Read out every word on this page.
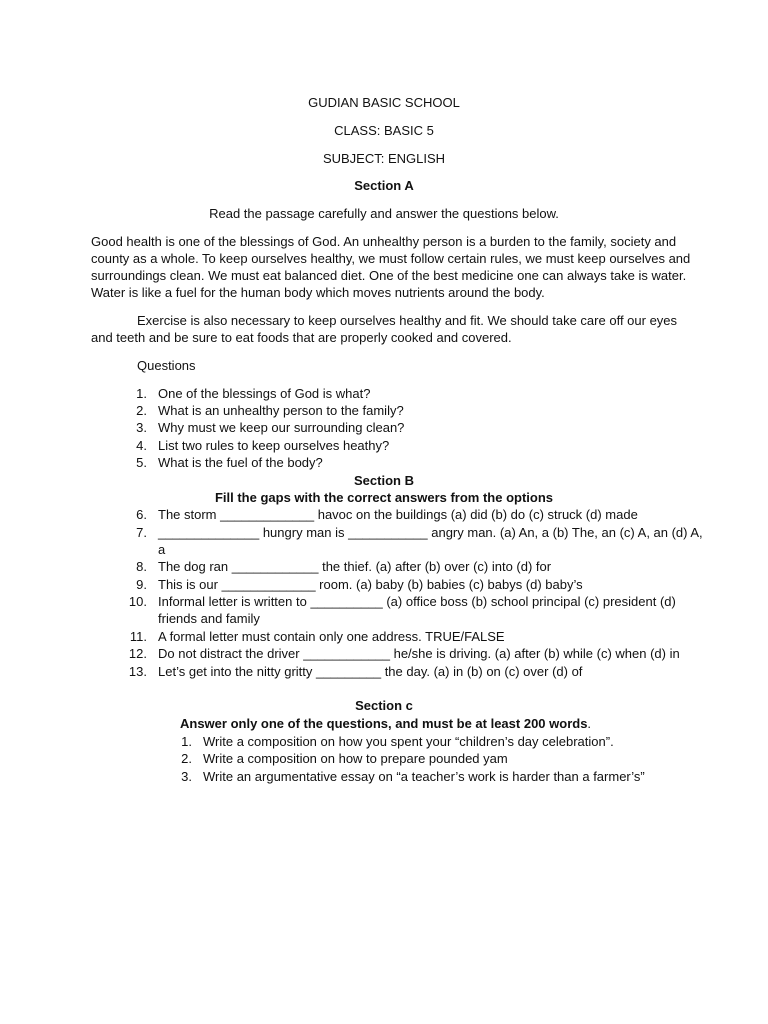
GUDIAN BASIC SCHOOL
CLASS: BASIC 5
SUBJECT: ENGLISH
Section A
Read the passage carefully and answer the questions below.
Good health is one of the blessings of God. An unhealthy person is a burden to the family, society and
county as a whole. To keep ourselves healthy, we must follow certain rules, we must keep ourselves and
surroundings clean. We must eat balanced diet. One of the best medicine one can always take is water.
Water is like a fuel for the human body which moves nutrients around the body.
Exercise is also necessary to keep ourselves healthy and fit. We should take care off our eyes
and teeth and be sure to eat foods that are properly cooked and covered.
Questions
1. One of the blessings of God is what?
2. What is an unhealthy person to the family?
3. Why must we keep our surrounding clean?
4. List two rules to keep ourselves heathy?
5. What is the fuel of the body?
Section B
Fill the gaps with the correct answers from the options
6. The storm _____________ havoc on the buildings (a) did (b) do (c) struck (d) made
7. ______________ hungry man is ___________ angry man. (a) An, a (b) The, an (c) A, an (d) A,
a
8. The dog ran ____________ the thief. (a) after (b) over (c) into (d) for
9. This is our _____________ room. (a) baby (b) babies (c) babys (d) baby’s
10. Informal letter is written to __________ (a) office boss (b) school principal (c) president (d)
friends and family
11. A formal letter must contain only one address. TRUE/FALSE
12. Do not distract the driver ____________ he/she is driving. (a) after (b) while (c) when (d) in
13. Let’s get into the nitty gritty _________ the day. (a) in (b) on (c) over (d) of
Section c
Answer only one of the questions, and must be at least 200 words.
1. Write a composition on how you spent your “children’s day celebration”.
2. Write a composition on how to prepare pounded yam
3. Write an argumentative essay on “a teacher’s work is harder than a farmer’s”
